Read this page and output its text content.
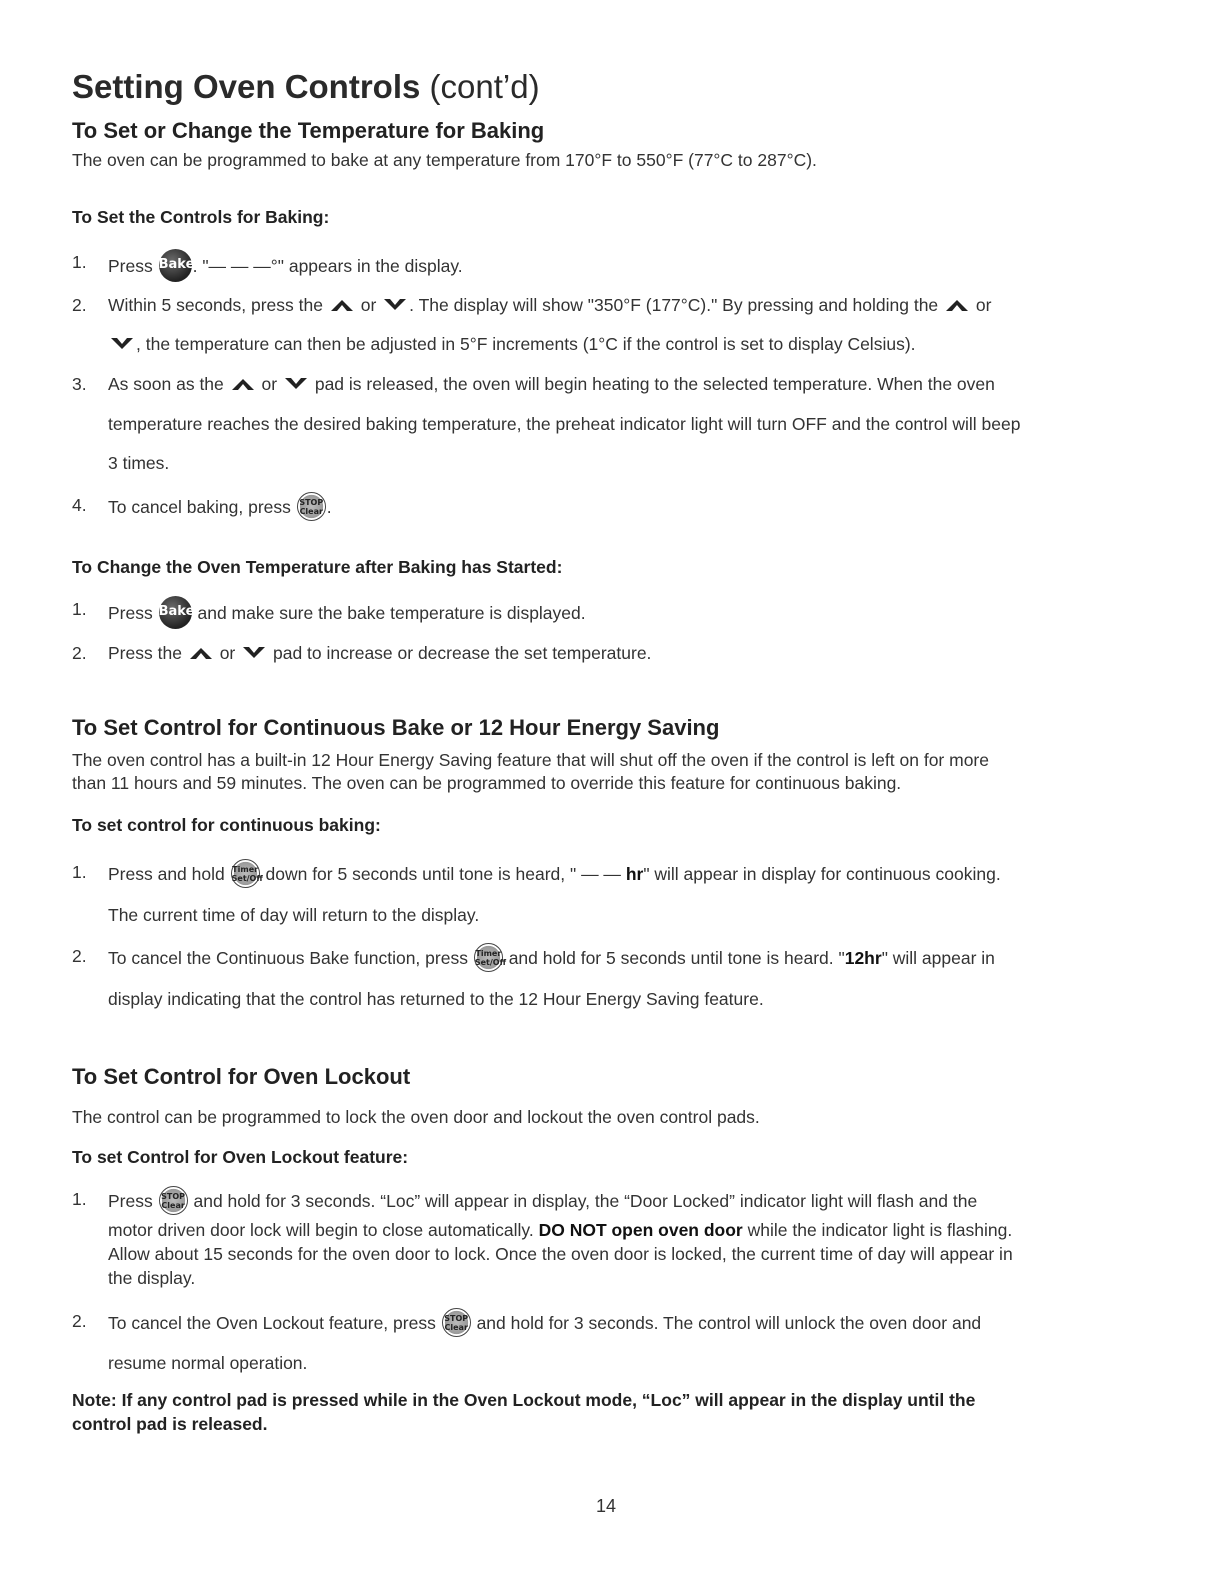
Setting Oven Controls (cont’d)
To Set or Change the Temperature for Baking
The oven can be programmed to bake at any temperature from 170°F to 550°F (77°C to 287°C).
To Set the Controls for Baking:
1. Press Bake
. "— — —°" appears in the display.
2. Within 5 seconds, press the or . The display will show "350°F (177°C)." By pressing and holding the or
, the temperature can then be adjusted in 5°F increments (1°C if the control is set to display Celsius).
3. As soon as the or pad is released, the oven will begin heating to the selected temperature. When the oven
temperature reaches the desired baking temperature, the preheat indicator light will turn OFF and the control will beep
3 times.
4. To cancel baking, press STOP
Clear .
To Change the Oven Temperature after Baking has Started:
1. Press Bake and make sure the bake temperature is displayed.
2. Press the or pad to increase or decrease the set temperature.
To Set Control for Continuous Bake or 12 Hour Energy Saving
The oven control has a built-in 12 Hour Energy Saving feature that will shut off the oven if the control is left on for more
than 11 hours and 59 minutes. The oven can be programmed to override this feature for continuous baking.
To set control for continuous baking:
1. Press and hold Timer
Set/Off down for 5 seconds until tone is heard, " — — hr" will appear in display for continuous cooking.
The current time of day will return to the display.
2. To cancel the Continuous Bake function, press Timer
Set/Off and hold for 5 seconds until tone is heard. "12hr" will appear in
display indicating that the control has returned to the 12 Hour Energy Saving feature.
To Set Control for Oven Lockout
The control can be programmed to lock the oven door and lockout the oven control pads.
To set Control for Oven Lockout feature:
1. Press STOP
Clear and hold for 3 seconds. “Loc” will appear in display, the “Door Locked” indicator light will flash and the
motor driven door lock will begin to close automatically. DO NOT open oven door while the indicator light is flashing.
Allow about 15 seconds for the oven door to lock. Once the oven door is locked, the current time of day will appear in
the display.
2. To cancel the Oven Lockout feature, press STOP
Clear and hold for 3 seconds. The control will unlock the oven door and
resume normal operation.
Note: If any control pad is pressed while in the Oven Lockout mode, “Loc” will appear in the display until the
control pad is released.
14
